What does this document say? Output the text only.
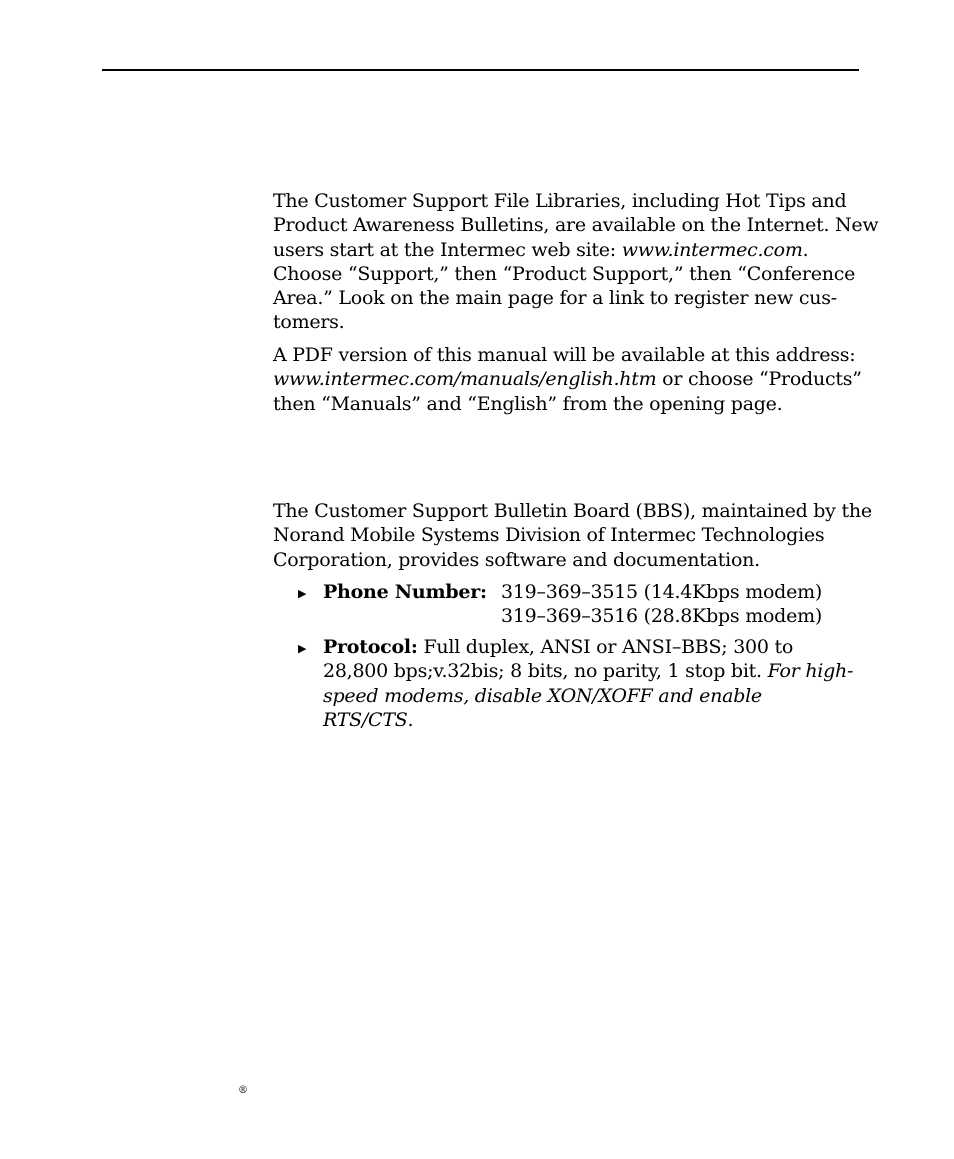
The Customer Support File Libraries, including Hot Tips and Product Awareness Bulletins, are available on the Internet. New users start at the Intermec web site: www.intermec.com. Choose “Support,” then “Product Support,” then “Conference Area.” Look on the main page for a link to register new cus-tomers.

A PDF version of this manual will be available at this address: www.intermec.com/manuals/english.htm or choose “Products” then “Manuals” and “English” from the opening page.

The Customer Support Bulletin Board (BBS), maintained by the Norand Mobile Systems Division of Intermec Technologies Corporation, provides software and documentation.

▶ Phone Number: 319–369–3515 (14.4Kbps modem)
319–369–3516 (28.8Kbps modem)
▶ Protocol: Full duplex, ANSI or ANSI–BBS; 300 to 28,800 bps;v.32bis; 8 bits, no parity, 1 stop bit. For high-speed modems, disable XON/XOFF and enable RTS/CTS.
®
